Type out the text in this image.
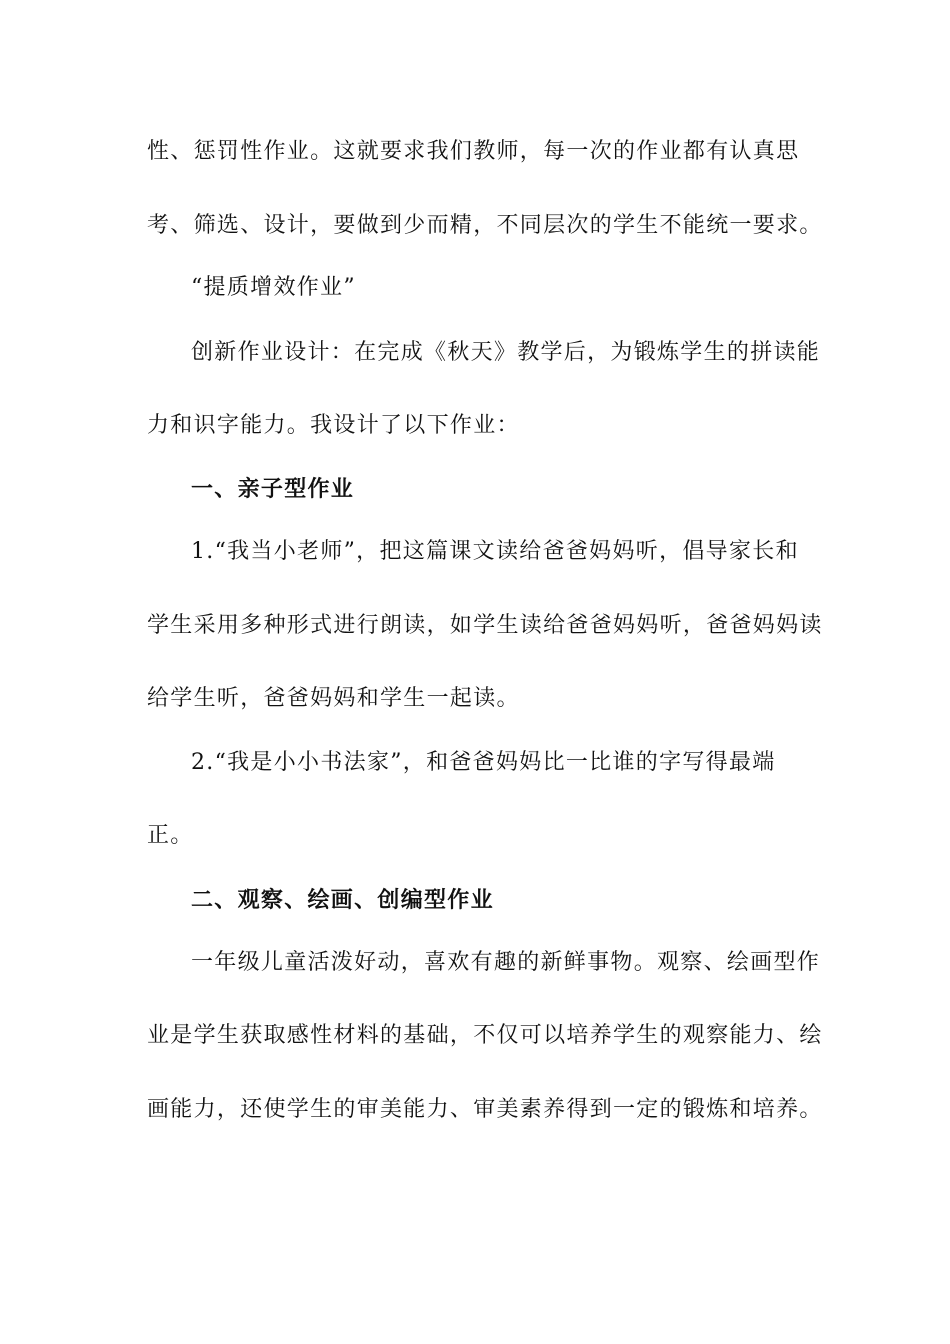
性、惩罚性作业。这就要求我们教师，每一次的作业都有认真思
考、筛选、设计，要做到少而精，不同层次的学生不能统一要求。
“提质增效作业”
创新作业设计：在完成《秋天》教学后，为锻炼学生的拼读能
力和识字能力。我设计了以下作业：
一、亲子型作业
1.“我当小老师”，把这篇课文读给爸爸妈妈听，倡导家长和
学生采用多种形式进行朗读，如学生读给爸爸妈妈听，爸爸妈妈读
给学生听，爸爸妈妈和学生一起读。
2.“我是小小书法家”，和爸爸妈妈比一比谁的字写得最端
正。
二、观察、绘画、创编型作业
一年级儿童活泼好动，喜欢有趣的新鲜事物。观察、绘画型作
业是学生获取感性材料的基础，不仅可以培养学生的观察能力、绘
画能力，还使学生的审美能力、审美素养得到一定的锻炼和培养。
